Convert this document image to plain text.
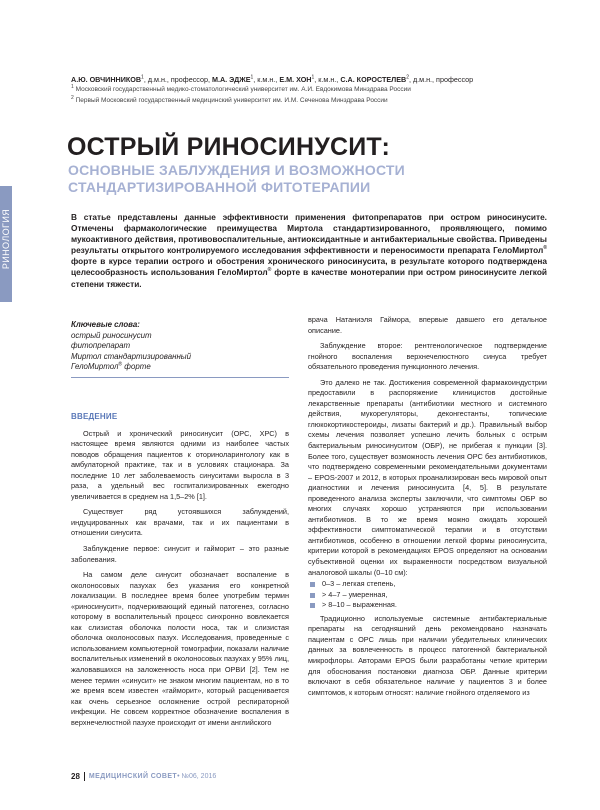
РИНОЛОГИЯ
А.Ю. ОВЧИННИКОВ$^1$, д.м.н., профессор, М.А. ЭДЖЕ$^1$, к.м.н., Е.М. ХОН$^1$, к.м.н., С.А. КОРОСТЕЛЕВ$^2$, д.м.н., профессор
$^1$ Московский государственный медико-стоматологический университет им. А.И. Евдокимова Минздрава России
$^2$ Первый Московский государственный медицинский университет им. И.М. Сеченова Минздрава России
ОСТРЫЙ РИНОСИНУСИТ:
ОСНОВНЫЕ ЗАБЛУЖДЕНИЯ И ВОЗМОЖНОСТИ
СТАНДАРТИЗИРОВАННОЙ ФИТОТЕРАПИИ
В статье представлены данные эффективности применения фитопрепаратов при остром риносинусите. Отмечены фармакологические преимущества Миртола стандартизированного, проявляющего, помимо мукоактивного действия, противовоспалительные, антиоксидантные и антибактериальные свойства. Приведены результаты открытого контролируемого исследования эффективности и переносимости препарата ГелоМиртол® форте в курсе терапии острого и обострения хронического риносинусита, в результате которого подтверждена целесообразность использования ГелоМиртол® форте в качестве монотерапии при остром риносинусите легкой степени тяжести.
Ключевые слова:
острый риносинусит
фитопрепарат
Миртол стандартизированный
ГелоМиртол® форте
ВВЕДЕНИЕ

Острый и хронический риносинусит (ОРС, ХРС) в настоящее время являются одними из наиболее частых поводов обращения пациентов к оториноларингологу как в амбулаторной практике, так и в условиях стационара. За последние 10 лет заболеваемость синуситами выросла в 3 раза, а удельный вес госпитализированных ежегодно увеличивается в среднем на 1,5–2% [1].

Существует ряд устоявшихся заблуждений, индуцированных как врачами, так и их пациентами в отношении синусита.

Заблуждение первое: синусит и гайморит – это разные заболевания.

На самом деле синусит обозначает воспаление в околоносовых пазухах без указания его конкретной локализации. В последнее время более употребим термин «риносинусит», подчеркивающий единый патогенез, согласно которому в воспалительный процесс синхронно вовлекается как слизистая оболочка полости носа, так и слизистая оболочка околоносовых пазух. Исследования, проведенные с использованием компьютерной томографии, показали наличие воспалительных изменений в околоносовых пазухах у 95% лиц, жаловавшихся на заложенность носа при ОРВИ [2]. Тем не менее термин «синусит» не знаком многим пациентам, но в то же время всем известен «гайморит», который расценивается как очень серьезное осложнение острой респираторной инфекции. Не совсем корректное обозначение воспаления в верхнечелюстной пазухе происходит от имени английского

врача Натаниэля Гаймора, впервые давшего его детальное описание.

Заблуждение второе: рентгенологическое подтверждение гнойного воспаления верхнечелюстного синуса требует обязательного проведения пункционного лечения.

Это далеко не так. Достижения современной фармакоиндустрии предоставили в распоряжение клиницистов достойные лекарственные препараты (антибиотики местного и системного действия, мукорегуляторы, деконгестанты, топические глюкокортикостероиды, лизаты бактерий и др.). Правильный выбор схемы лечения позволяет успешно лечить больных с острым бактериальным риносинуситом (ОБР), не прибегая к пункции [3]. Более того, существует возможность лечения ОРС без антибиотиков, что подтверждено современными рекомендательными документами – EPOS-2007 и 2012, в которых проанализирован весь мировой опыт диагностики и лечения риносинусита [4, 5]. В результате проведенного анализа эксперты заключили, что симптомы ОБР во многих случаях хорошо устраняются при использовании антибиотиков. В то же время можно ожидать хорошей эффективности симптоматической терапии и в отсутствии антибиотиков, особенно в отношении легкой формы риносинусита, критерии которой в рекомендациях EPOS определяют на основании субъективной оценки их выраженности посредством визуальной аналоговой шкалы (0–10 см):

0–3 – легкая степень,
> 4–7 – умеренная,
> 8–10 – выраженная.

Традиционно используемые системные антибактериальные препараты на сегодняшний день рекомендовано назначать пациентам с ОРС лишь при наличии убедительных клинических данных за вовлеченность в процесс патогенной бактериальной микрофлоры. Авторами EPOS были разработаны четкие критерии для обоснования постановки диагноза ОБР. Данные критерии включают в себя обязательное наличие у пациентов 3 и более симптомов, к которым относят: наличие гнойного отделяемого из

28 МЕДИЦИНСКИЙ СОВЕТ • №06, 2016
